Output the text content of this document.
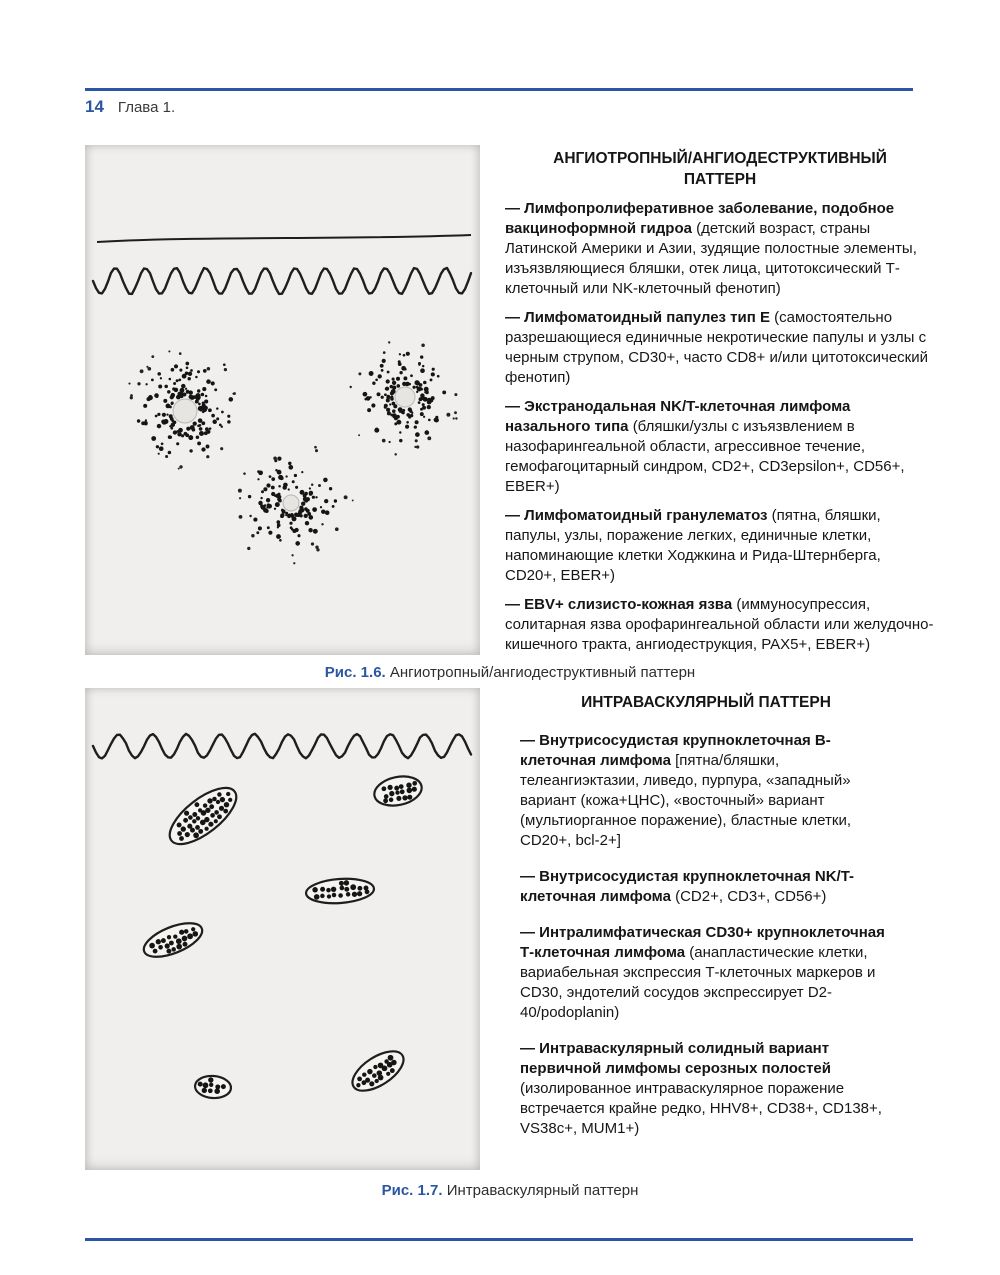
14 Глава 1.
АНГИОТРОПНЫЙ/АНГИОДЕСТРУКТИВНЫЙ ПАТТЕРН

— Лимфопролиферативное заболевание, подобное вакциноформной гидроа (детский возраст, страны Латинской Америки и Азии, зудящие полостные элементы, изъязвляющиеся бляшки, отек лица, цитотоксический Т-клеточный или NK-клеточный фенотип)

— Лимфоматоидный папулез тип E (самостоятельно разрешающиеся единичные некротические папулы и узлы с черным струпом, CD30+, часто CD8+ и/или цитотоксический фенотип)

— Экстранодальная NK/T-клеточная лимфома назального типа (бляшки/узлы с изъязвлением в назофарингеальной области, агрессивное течение, гемофагоцитарный синдром, CD2+, CD3epsilon+, CD56+, EBER+)

— Лимфоматоидный гранулематоз (пятна, бляшки, папулы, узлы, поражение легких, единичные клетки, напоминающие клетки Ходжкина и Рида-Штернберга, CD20+, EBER+)

— EBV+ слизисто-кожная язва (иммуносупрессия, солитарная язва орофарингеальной области или желудочно-кишечного тракта, ангиодеструкция, PAX5+, EBER+)

Рис. 1.6. Ангиотропный/ангиодеструктивный паттерн
ИНТРАВАСКУЛЯРНЫЙ ПАТТЕРН

— Внутрисосудистая крупноклеточная B-клеточная лимфома [пятна/бляшки, телеангиэктазии, ливедо, пурпура, «западный» вариант (кожа+ЦНС), «восточный» вариант (мультиорганное поражение), бластные клетки, CD20+, bcl-2+]

— Внутрисосудистая крупноклеточная NK/T-клеточная лимфома (CD2+, CD3+, CD56+)

— Интралимфатическая CD30+ крупноклеточная Т-клеточная лимфома (анапластические клетки, вариабельная экспрессия Т-клеточных маркеров и CD30, эндотелий сосудов экспрессирует D2-40/podoplanin)

— Интраваскулярный солидный вариант первичной лимфомы серозных полостей (изолированное интраваскулярное поражение встречается крайне редко, HHV8+, CD38+, CD138+, VS38c+, MUM1+)

Рис. 1.7. Интраваскулярный паттерн
